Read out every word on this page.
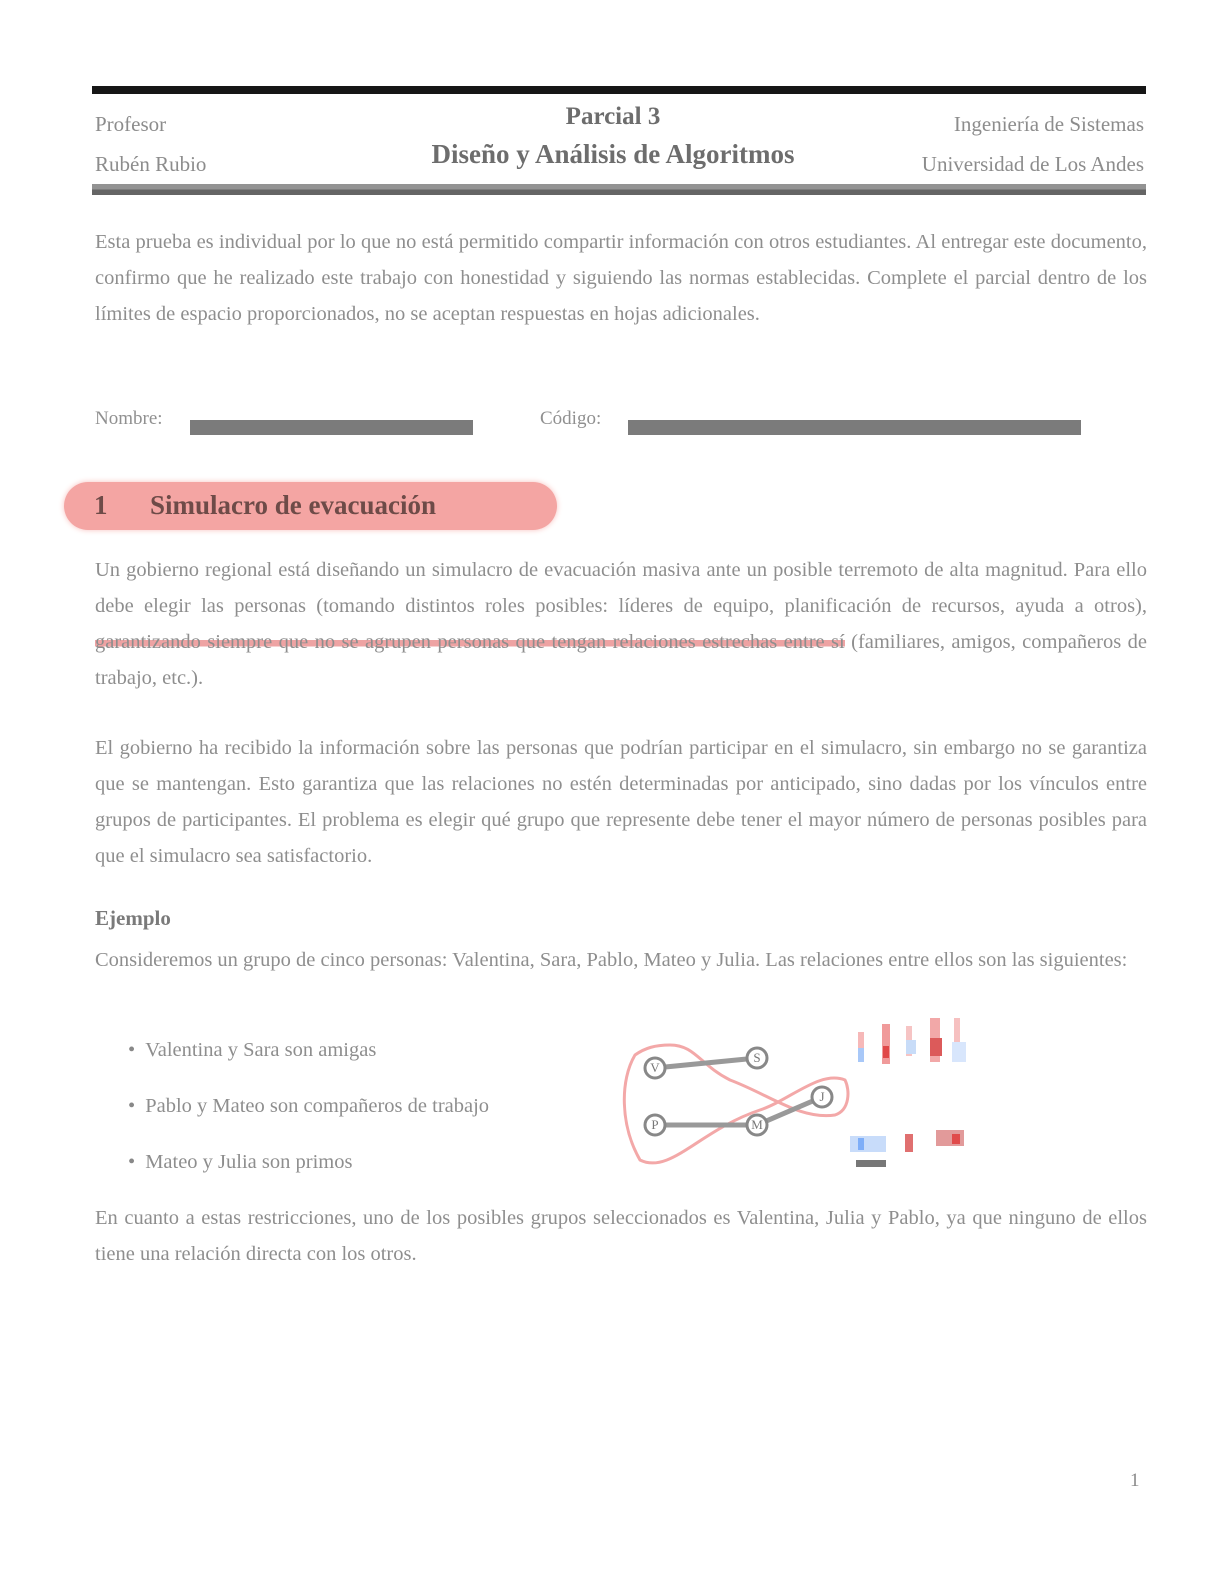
Profesor
Rubén Rubio
Parcial 3
Diseño y Análisis de Algoritmos
Ingeniería de Sistemas
Universidad de Los Andes
Esta prueba es individual por lo que no está permitido compartir información con otros estudiantes. Al entregar este documento, confirmo que he realizado este trabajo con honestidad y siguiendo las normas establecidas. Complete el parcial dentro de los límites de espacio proporcionados, no se aceptan respuestas en hojas adicionales.
Nombre:	Código:
1 Simulacro de evacuación
Un gobierno regional está diseñando un simulacro de evacuación masiva ante un posible terremoto de alta magnitud. Para ello debe elegir las personas (tomando distintos roles posibles: líderes de equipo, planificación de recursos, ayuda a otros), garantizando siempre que no se agrupen personas que tengan relaciones estrechas entre sí (familiares, amigos, compañeros de trabajo, etc.).
El gobierno ha recibido la información sobre las personas que podrían participar en el simulacro, sin embargo no se garantiza que se mantengan. Esto garantiza que las relaciones no estén determinadas por anticipado, sino dadas por los vínculos entre grupos de participantes. El problema es elegir qué grupo que represente debe tener el mayor número de personas posibles para que el simulacro sea satisfactorio.
Ejemplo
Consideremos un grupo de cinco personas: Valentina, Sara, Pablo, Mateo y Julia. Las relaciones entre ellos son las siguientes:
• Valentina y Sara son amigas
• Pablo y Mateo son compañeros de trabajo
• Mateo y Julia son primos
V
P
S
M
J
En cuanto a estas restricciones, uno de los posibles grupos seleccionados es Valentina, Julia y Pablo, ya que ninguno de ellos tiene una relación directa con los otros.
1
